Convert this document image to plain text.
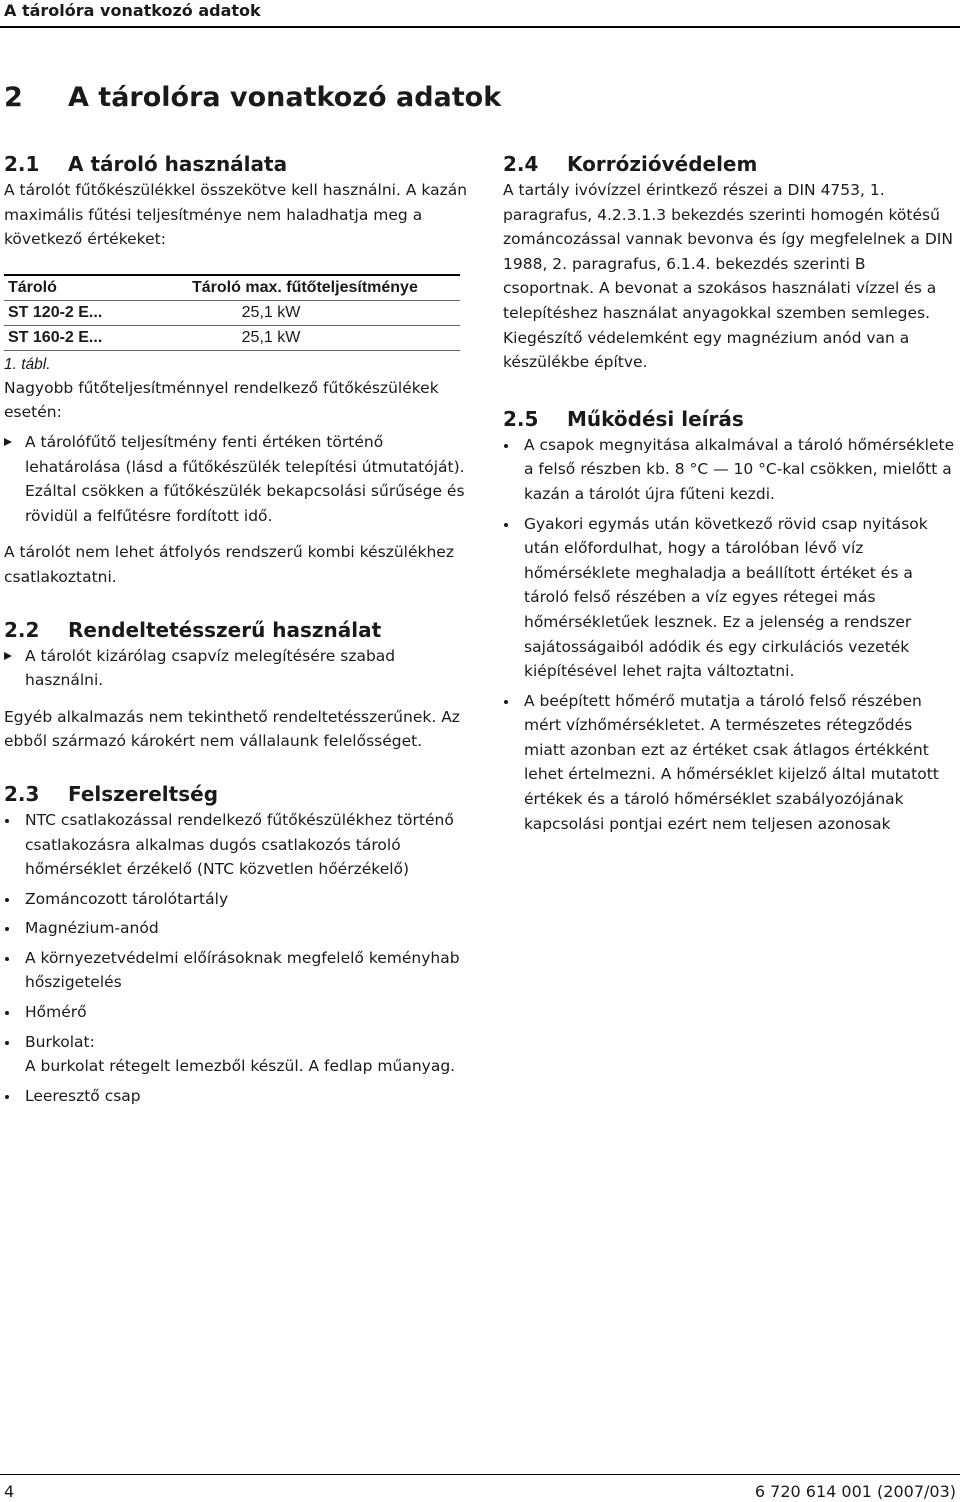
A tárolóra vonatkozó adatok
2 A tárolóra vonatkozó adatok
2.1 A tároló használata

A tárolót fűtőkészülékkel összekötve kell használni. A kazán maximális fűtési teljesítménye nem haladhatja meg a következő értékeket:

Tároló	Tároló max. fűtőteljesítménye
ST 120-2 E...	25,1 kW
ST 160-2 E...	25,1 kW
1. tábl.

Nagyobb fűtőteljesítménnyel rendelkező fűtőkészülékek esetén:

A tárolófűtő teljesítmény fenti értéken történő lehatárolása (lásd a fűtőkészülék telepítési útmutatóját).

Ezáltal csökken a fűtőkészülék bekapcsolási sűrűsége és rövidül a felfűtésre fordított idő.

A tárolót nem lehet átfolyós rendszerű kombi készülékhez csatlakoztatni.

2.2 Rendeltetésszerű használat
A tárolót kizárólag csapvíz melegítésére szabad használni.

Egyéb alkalmazás nem tekinthető rendeltetésszerűnek. Az ebből származó károkért nem vállalaunk felelősséget.

2.3 Felszereltség
NTC csatlakozással rendelkező fűtőkészülékhez történő csatlakozásra alkalmas dugós csatlakozós tároló hőmérséklet érzékelő (NTC közvetlen hőérzékelő)
Zománcozott tárolótartály
Magnézium-anód
A környezetvédelmi előírásoknak megfelelő keményhab hőszigetelés
Hőmérő
Burkolat:
A burkolat rétegelt lemezből készül. A fedlap műanyag.
Leeresztő csap
2.4 Korrózióvédelem

A tartály ivóvízzel érintkező részei a DIN 4753, 1. paragrafus, 4.2.3.1.3 bekezdés szerinti homogén kötésű zománcozással vannak bevonva és így megfelelnek a DIN 1988, 2. paragrafus, 6.1.4. bekezdés szerinti B csoportnak. A bevonat a szokásos használati vízzel és a telepítéshez használat anyagokkal szemben semleges. Kiegészítő védelemként egy magnézium anód van a készülékbe építve.

2.5 Működési leírás
A csapok megnyitása alkalmával a tároló hőmérséklete a felső részben kb. 8 °C — 10 °C-kal csökken, mielőtt a kazán a tárolót újra fűteni kezdi.
Gyakori egymás után következő rövid csap nyitások után előfordulhat, hogy a tárolóban lévő víz hőmérséklete meghaladja a beállított értéket és a tároló felső részében a víz egyes rétegei más hőmérsékletűek lesznek. Ez a jelenség a rendszer sajátosságaiból adódik és egy cirkulációs vezeték kiépítésével lehet rajta változtatni.
A beépített hőmérő mutatja a tároló felső részében mért vízhőmérsékletet. A természetes rétegződés miatt azonban ezt az értéket csak átlagos értékként lehet értelmezni. A hőmérséklet kijelző által mutatott értékek és a tároló hőmérséklet szabályozójának kapcsolási pontjai ezért nem teljesen azonosak
4	6 720 614 001 (2007/03)
